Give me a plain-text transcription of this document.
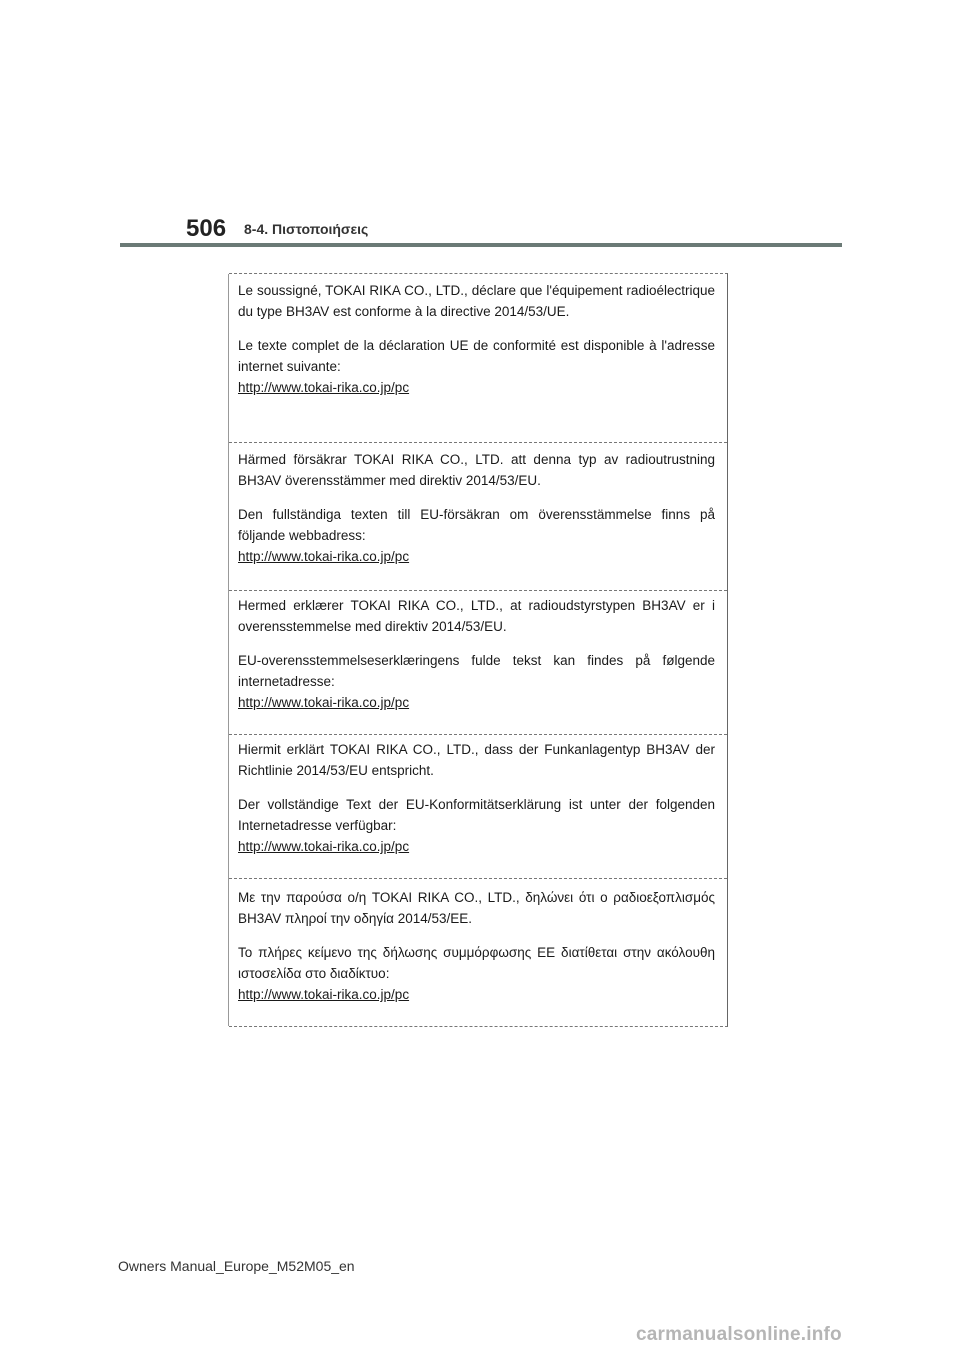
506 8-4. Πιστοποιήσεις

Le soussigné, TOKAI RIKA CO., LTD., déclare que l'équipement radioélectrique du type BH3AV est conforme à la directive 2014/53/UE.

Le texte complet de la déclaration UE de conformité est disponible à l'adresse internet suivante:

http://www.tokai-rika.co.jp/pc

Härmed försäkrar TOKAI RIKA CO., LTD. att denna typ av radioutrustning BH3AV överensstämmer med direktiv 2014/53/EU.

Den fullständiga texten till EU-försäkran om överensstämmelse finns på följande webbadress:

http://www.tokai-rika.co.jp/pc

Hermed erklærer TOKAI RIKA CO., LTD., at radioudstyrstypen BH3AV er i overensstemmelse med direktiv 2014/53/EU.

EU-overensstemmelseserklæringens fulde tekst kan findes på følgende internetadresse:

http://www.tokai-rika.co.jp/pc

Hiermit erklärt TOKAI RIKA CO., LTD., dass der Funkanlagentyp BH3AV der Richtlinie 2014/53/EU entspricht.

Der vollständige Text der EU-Konformitätserklärung ist unter der folgenden Internetadresse verfügbar:

http://www.tokai-rika.co.jp/pc

Με την παρούσα ο/η TOKAI RIKA CO., LTD., δηλώνει ότι ο ραδιοεξοπλισμός BH3AV πληροί την οδηγία 2014/53/ΕΕ.

Το πλήρες κείμενο της δήλωσης συμμόρφωσης ΕΕ διατίθεται στην ακόλουθη ιστοσελίδα στο διαδίκτυο:

http://www.tokai-rika.co.jp/pc
Owners Manual_Europe_M52M05_en
carmanualsonline.info
